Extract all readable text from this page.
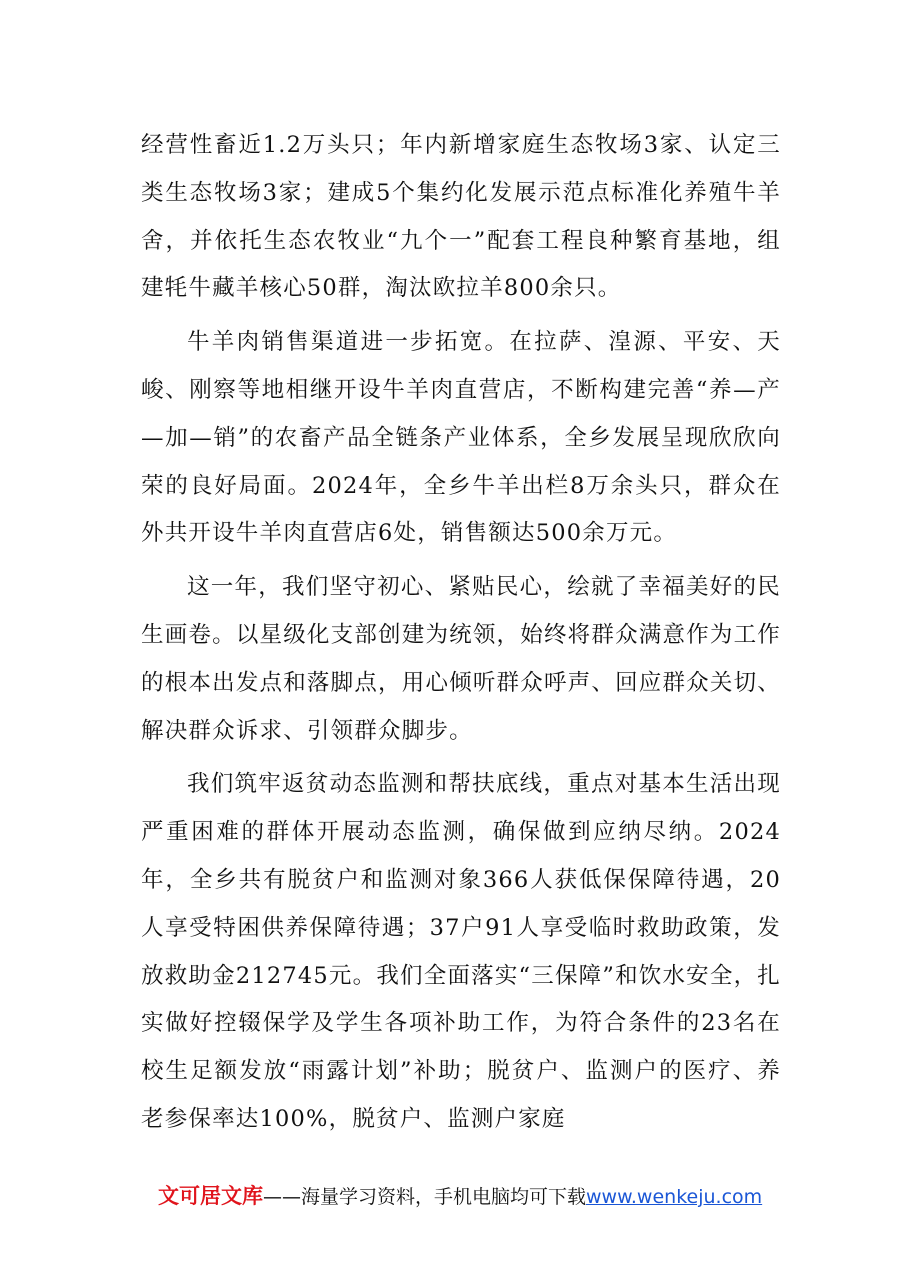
经营性畜近1.2万头只；年内新增家庭生态牧场3家、认定三类生态牧场3家；建成5个集约化发展示范点标准化养殖牛羊舍，并依托生态农牧业“九个一”配套工程良种繁育基地，组建牦牛藏羊核心50群，淘汰欧拉羊800余只。

牛羊肉销售渠道进一步拓宽。在拉萨、湟源、平安、天峻、刚察等地相继开设牛羊肉直营店，不断构建完善“养—产—加—销”的农畜产品全链条产业体系，全乡发展呈现欣欣向荣的良好局面。2024年，全乡牛羊出栏8万余头只，群众在外共开设牛羊肉直营店6处，销售额达500余万元。

这一年，我们坚守初心、紧贴民心，绘就了幸福美好的民生画卷。以星级化支部创建为统领，始终将群众满意作为工作的根本出发点和落脚点，用心倾听群众呼声、回应群众关切、解决群众诉求、引领群众脚步。

我们筑牢返贫动态监测和帮扶底线，重点对基本生活出现严重困难的群体开展动态监测，确保做到应纳尽纳。2024年，全乡共有脱贫户和监测对象366人获低保保障待遇，20人享受特困供养保障待遇；37户91人享受临时救助政策，发放救助金212745元。我们全面落实“三保障”和饮水安全，扎实做好控辍保学及学生各项补助工作，为符合条件的23名在校生足额发放“雨露计划”补助；脱贫户、监测户的医疗、养老参保率达100%，脱贫户、监测户家庭

文可居文库——海量学习资料，手机电脑均可下载www.wenkeju.com
